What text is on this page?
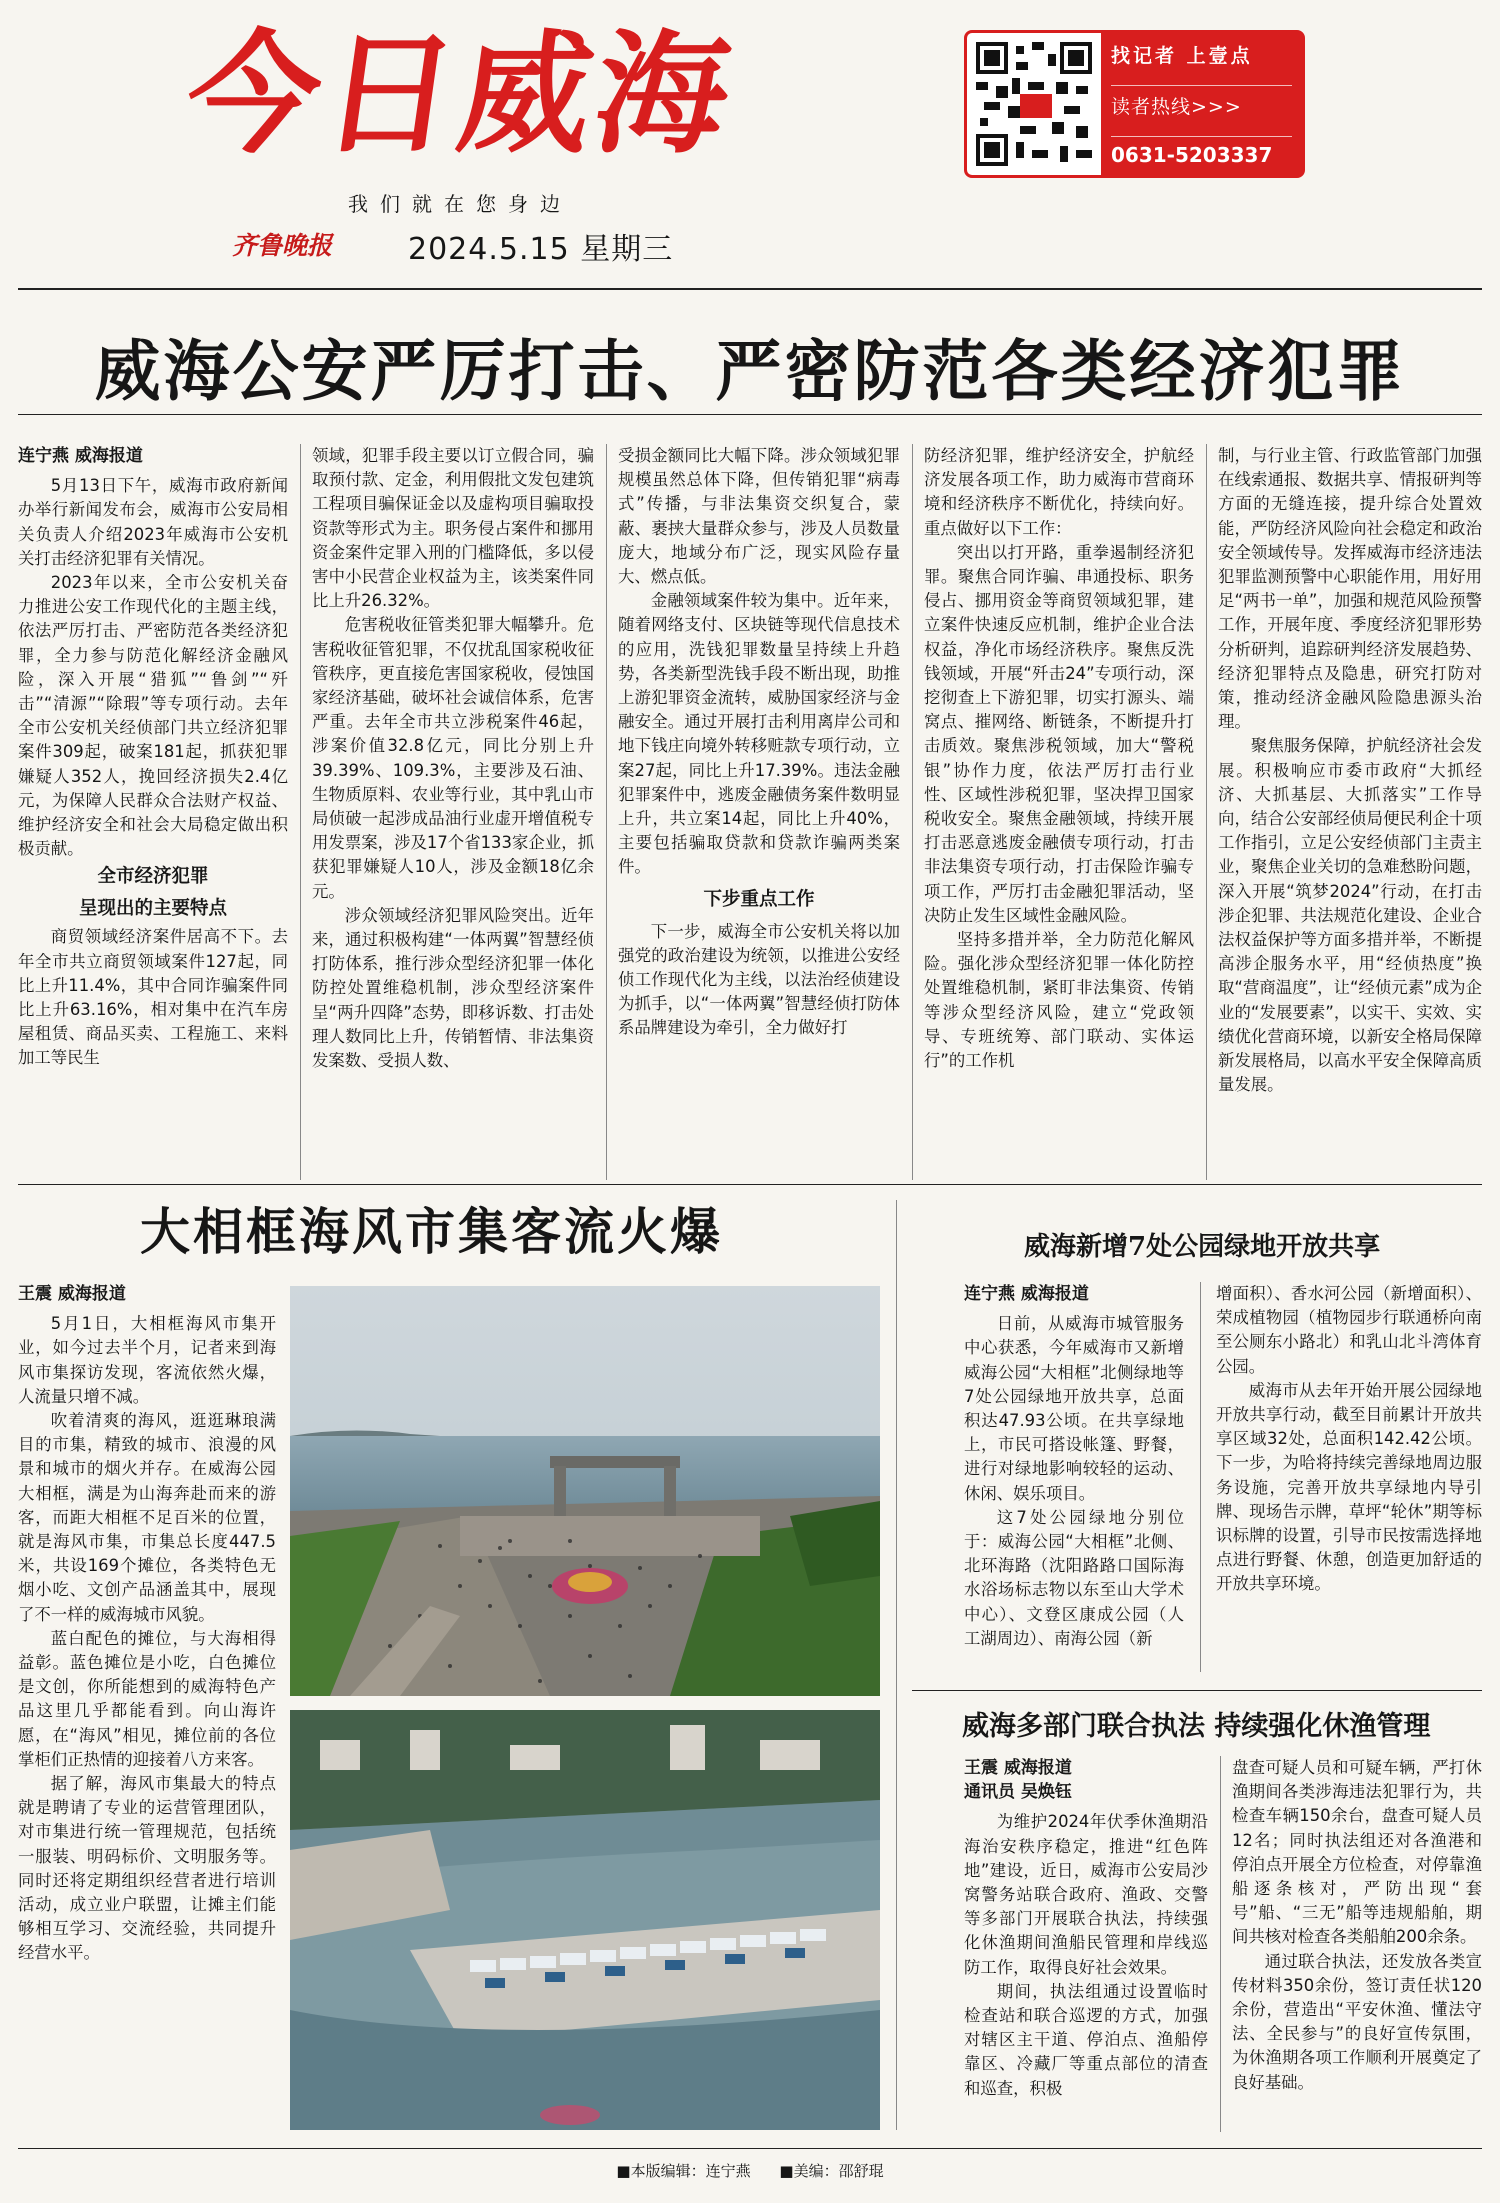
今日威海
我们就在您身边
齐鲁晚报	2024.5.15 星期三
找记者 上壹点
读者热线>>>
0631-5203337
威海公安严厉打击、严密防范各类经济犯罪
连宁燕 威海报道

5月13日下午，威海市政府新闻办举行新闻发布会，威海市公安局相关负责人介绍2023年威海市公安机关打击经济犯罪有关情况。

2023年以来，全市公安机关奋力推进公安工作现代化的主题主线，依法严厉打击、严密防范各类经济犯罪，全力参与防范化解经济金融风险，深入开展“猎狐”“鲁剑”“歼击”“清源”“除瑕”等专项行动。去年全市公安机关经侦部门共立经济犯罪案件309起，破案181起，抓获犯罪嫌疑人352人，挽回经济损失2.4亿元，为保障人民群众合法财产权益、维护经济安全和社会大局稳定做出积极贡献。

全市经济犯罪

呈现出的主要特点

商贸领域经济案件居高不下。去年全市共立商贸领域案件127起，同比上升11.4%，其中合同诈骗案件同比上升63.16%，相对集中在汽车房屋租赁、商品买卖、工程施工、来料加工等民生

领域，犯罪手段主要以订立假合同，骗取预付款、定金，利用假批文发包建筑工程项目骗保证金以及虚构项目骗取投资款等形式为主。职务侵占案件和挪用资金案件定罪入刑的门槛降低，多以侵害中小民营企业权益为主，该类案件同比上升26.32%。

危害税收征管类犯罪大幅攀升。危害税收征管犯罪，不仅扰乱国家税收征管秩序，更直接危害国家税收，侵蚀国家经济基础，破坏社会诚信体系，危害严重。去年全市共立涉税案件46起，涉案价值32.8亿元，同比分别上升39.39%、109.3%，主要涉及石油、生物质原料、农业等行业，其中乳山市局侦破一起涉成品油行业虚开增值税专用发票案，涉及17个省133家企业，抓获犯罪嫌疑人10人，涉及金额18亿余元。

涉众领域经济犯罪风险突出。近年来，通过积极构建“一体两翼”智慧经侦打防体系，推行涉众型经济犯罪一体化防控处置维稳机制，涉众型经济案件呈“两升四降”态势，即移诉数、打击处理人数同比上升，传销暂情、非法集资发案数、受损人数、

受损金额同比大幅下降。涉众领域犯罪规模虽然总体下降，但传销犯罪“病毒式”传播，与非法集资交织复合，蒙蔽、裹挟大量群众参与，涉及人员数量庞大，地域分布广泛，现实风险存量大、燃点低。

金融领域案件较为集中。近年来，随着网络支付、区块链等现代信息技术的应用，洗钱犯罪数量呈持续上升趋势，各类新型洗钱手段不断出现，助推上游犯罪资金流转，威胁国家经济与金融安全。通过开展打击利用离岸公司和地下钱庄向境外转移赃款专项行动，立案27起，同比上升17.39%。违法金融犯罪案件中，逃废金融债务案件数明显上升，共立案14起，同比上升40%，主要包括骗取贷款和贷款诈骗两类案件。

下步重点工作

下一步，威海全市公安机关将以加强党的政治建设为统领，以推进公安经侦工作现代化为主线，以法治经侦建设为抓手，以“一体两翼”智慧经侦打防体系品牌建设为牵引，全力做好打

防经济犯罪，维护经济安全，护航经济发展各项工作，助力威海市营商环境和经济秩序不断优化，持续向好。重点做好以下工作：

突出以打开路，重拳遏制经济犯罪。聚焦合同诈骗、串通投标、职务侵占、挪用资金等商贸领域犯罪，建立案件快速反应机制，维护企业合法权益，净化市场经济秩序。聚焦反洗钱领域，开展“歼击24”专项行动，深挖彻查上下游犯罪，切实打源头、端窝点、摧网络、断链条，不断提升打击质效。聚焦涉税领域，加大“警税银”协作力度，依法严厉打击行业性、区域性涉税犯罪，坚决捍卫国家税收安全。聚焦金融领域，持续开展打击恶意逃废金融债专项行动，打击非法集资专项行动，打击保险诈骗专项工作，严厉打击金融犯罪活动，坚决防止发生区域性金融风险。

坚持多措并举，全力防范化解风险。强化涉众型经济犯罪一体化防控处置维稳机制，紧盯非法集资、传销等涉众型经济风险，建立“党政领导、专班统筹、部门联动、实体运行”的工作机

制，与行业主管、行政监管部门加强在线索通报、数据共享、情报研判等方面的无缝连接，提升综合处置效能，严防经济风险向社会稳定和政治安全领域传导。发挥威海市经济违法犯罪监测预警中心职能作用，用好用足“两书一单”，加强和规范风险预警工作，开展年度、季度经济犯罪形势分析研判，追踪研判经济发展趋势、经济犯罪特点及隐患，研究打防对策，推动经济金融风险隐患源头治理。

聚焦服务保障，护航经济社会发展。积极响应市委市政府“大抓经济、大抓基层、大抓落实”工作导向，结合公安部经侦局便民利企十项工作指引，立足公安经侦部门主责主业，聚焦企业关切的急难愁盼问题，深入开展“筑梦2024”行动，在打击涉企犯罪、共法规范化建设、企业合法权益保护等方面多措并举，不断提高涉企服务水平，用“经侦热度”换取“营商温度”，让“经侦元素”成为企业的“发展要素”，以实干、实效、实绩优化营商环境，以新安全格局保障新发展格局，以高水平安全保障高质量发展。

大相框海风市集客流火爆
王震 威海报道

5月1日，大相框海风市集开业，如今过去半个月，记者来到海风市集探访发现，客流依然火爆，人流量只增不减。

吹着清爽的海风，逛逛琳琅满目的市集，精致的城市、浪漫的风景和城市的烟火并存。在威海公园大相框，满是为山海奔赴而来的游客，而距大相框不足百米的位置，就是海风市集，市集总长度447.5米，共设169个摊位，各类特色无烟小吃、文创产品涵盖其中，展现了不一样的威海城市风貌。

蓝白配色的摊位，与大海相得益彰。蓝色摊位是小吃，白色摊位是文创，你所能想到的威海特色产品这里几乎都能看到。向山海许愿，在“海风”相见，摊位前的各位掌柜们正热情的迎接着八方来客。

据了解，海风市集最大的特点就是聘请了专业的运营管理团队，对市集进行统一管理规范，包括统一服装、明码标价、文明服务等。同时还将定期组织经营者进行培训活动，成立业户联盟，让摊主们能够相互学习、交流经验，共同提升经营水平。

威海新增7处公园绿地开放共享
连宁燕 威海报道

日前，从威海市城管服务中心获悉，今年威海市又新增威海公园“大相框”北侧绿地等7处公园绿地开放共享，总面积达47.93公顷。在共享绿地上，市民可搭设帐篷、野餐，进行对绿地影响较轻的运动、休闲、娱乐项目。

这7处公园绿地分别位于：威海公园“大相框”北侧、北环海路（沈阳路路口国际海水浴场标志物以东至山大学术中心）、文登区康成公园（人工湖周边）、南海公园（新

增面积）、香水河公园（新增面积）、荣成植物园（植物园步行联通桥向南至公厕东小路北）和乳山北斗湾体育公园。

威海市从去年开始开展公园绿地开放共享行动，截至目前累计开放共享区域32处，总面积142.42公顷。下一步，为哈将持续完善绿地周边服务设施，完善开放共享绿地内导引牌、现场告示牌，草坪“轮休”期等标识标牌的设置，引导市民按需选择地点进行野餐、休憩，创造更加舒适的开放共享环境。

威海多部门联合执法 持续强化休渔管理
王震 威海报道
通讯员 吴焕钰

为维护2024年伏季休渔期沿海治安秩序稳定，推进“红色阵地”建设，近日，威海市公安局沙窝警务站联合政府、渔政、交警等多部门开展联合执法，持续强化休渔期间渔船民管理和岸线巡防工作，取得良好社会效果。

期间，执法组通过设置临时检查站和联合巡逻的方式，加强对辖区主干道、停泊点、渔船停靠区、冷藏厂等重点部位的清查和巡查，积极

盘查可疑人员和可疑车辆，严打休渔期间各类涉海违法犯罪行为，共检查车辆150余台，盘查可疑人员12名；同时执法组还对各渔港和停泊点开展全方位检查，对停靠渔船逐条核对，严防出现“套号”船、“三无”船等违规船舶，期间共核对检查各类船舶200余条。

通过联合执法，还发放各类宣传材料350余份，签订责任状120余份，营造出“平安休渔、懂法守法、全民参与”的良好宣传氛围，为休渔期各项工作顺利开展奠定了良好基础。

■本版编辑：连宁燕 ■美编：邵舒琨
